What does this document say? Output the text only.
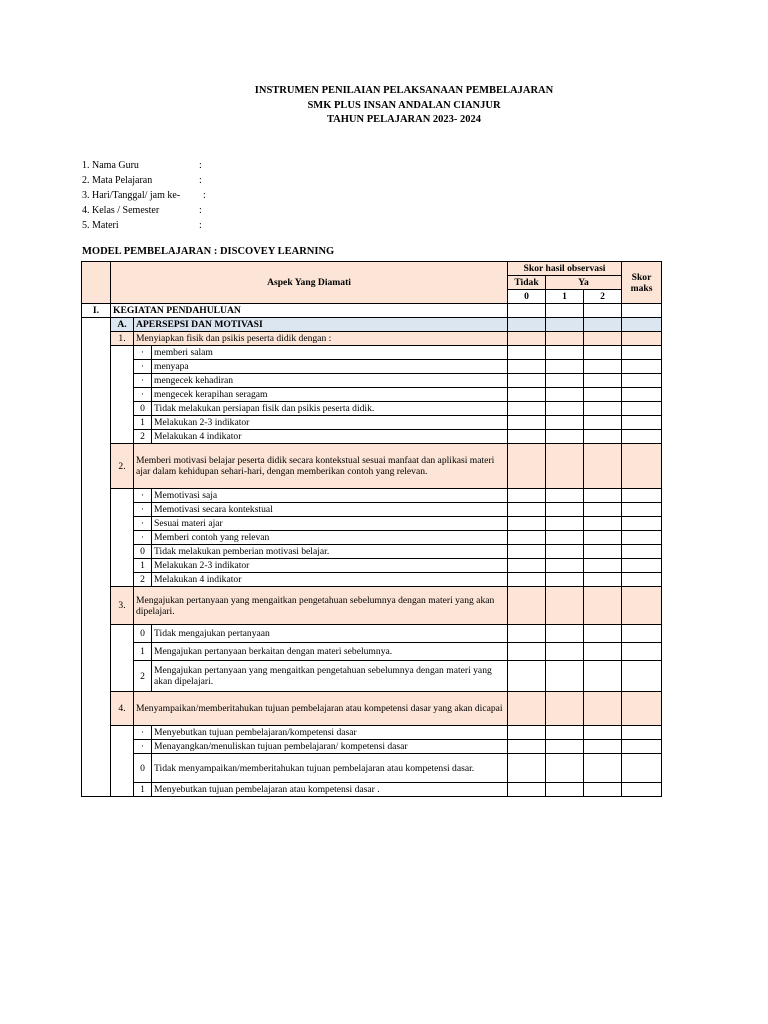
INSTRUMEN PENILAIAN PELAKSANAAN PEMBELAJARAN
SMK PLUS INSAN ANDALAN CIANJUR
TAHUN PELAJARAN 2023- 2024
1. Nama Guru	:
2. Mata Pelajaran	:
3. Hari/Tanggal/ jam ke- :
4. Kelas / Semester	:
5. Materi	:
MODEL PEMBELAJARAN : DISCOVEY LEARNING
	Aspek Yang Diamati			Skor hasil observasi			Skor maks
				Tidak	Ya		
				0	1	2	
I.	KEGIATAN PENDAHULUAN						
	A.	APERSEPSI DAN MOTIVASI					
	1.	Menyiapkan fisik dan psikis peserta didik dengan :					
		·	memberi salam				
		·	menyapa				
		·	mengecek kehadiran				
		·	mengecek kerapihan seragam				
		0	Tidak melakukan persiapan fisik dan psikis peserta didik.				
		1	Melakukan 2-3 indikator				
		2	Melakukan 4 indikator				
	2.	Memberi motivasi belajar peserta didik secara kontekstual sesuai manfaat dan aplikasi materi ajar dalam kehidupan sehari-hari, dengan memberikan contoh yang relevan.					
		·	Memotivasi saja				
		·	Memotivasi secara kontekstual				
		·	Sesuai materi ajar				
		·	Memberi contoh yang relevan				
		0	Tidak melakukan pemberian motivasi belajar.				
		1	Melakukan 2-3 indikator				
		2	Melakukan 4 indikator				
	3.	Mengajukan pertanyaan yang mengaitkan pengetahuan sebelumnya dengan materi yang akan dipelajari.					
		0	Tidak mengajukan pertanyaan				
		1	Mengajukan pertanyaan berkaitan dengan materi sebelumnya.				
		2	Mengajukan pertanyaan yang mengaitkan pengetahuan sebelumnya dengan materi yang akan dipelajari.				
	4.	Menyampaikan/memberitahukan tujuan pembelajaran atau kompetensi dasar yang akan dicapai					
		·	Menyebutkan tujuan pembelajaran/kompetensi dasar				
		·	Menayangkan/menuliskan tujuan pembelajaran/ kompetensi dasar				
		0	Tidak menyampaikan/memberitahukan tujuan pembelajaran atau kompetensi dasar.				
		1	Menyebutkan tujuan pembelajaran atau kompetensi dasar .				
